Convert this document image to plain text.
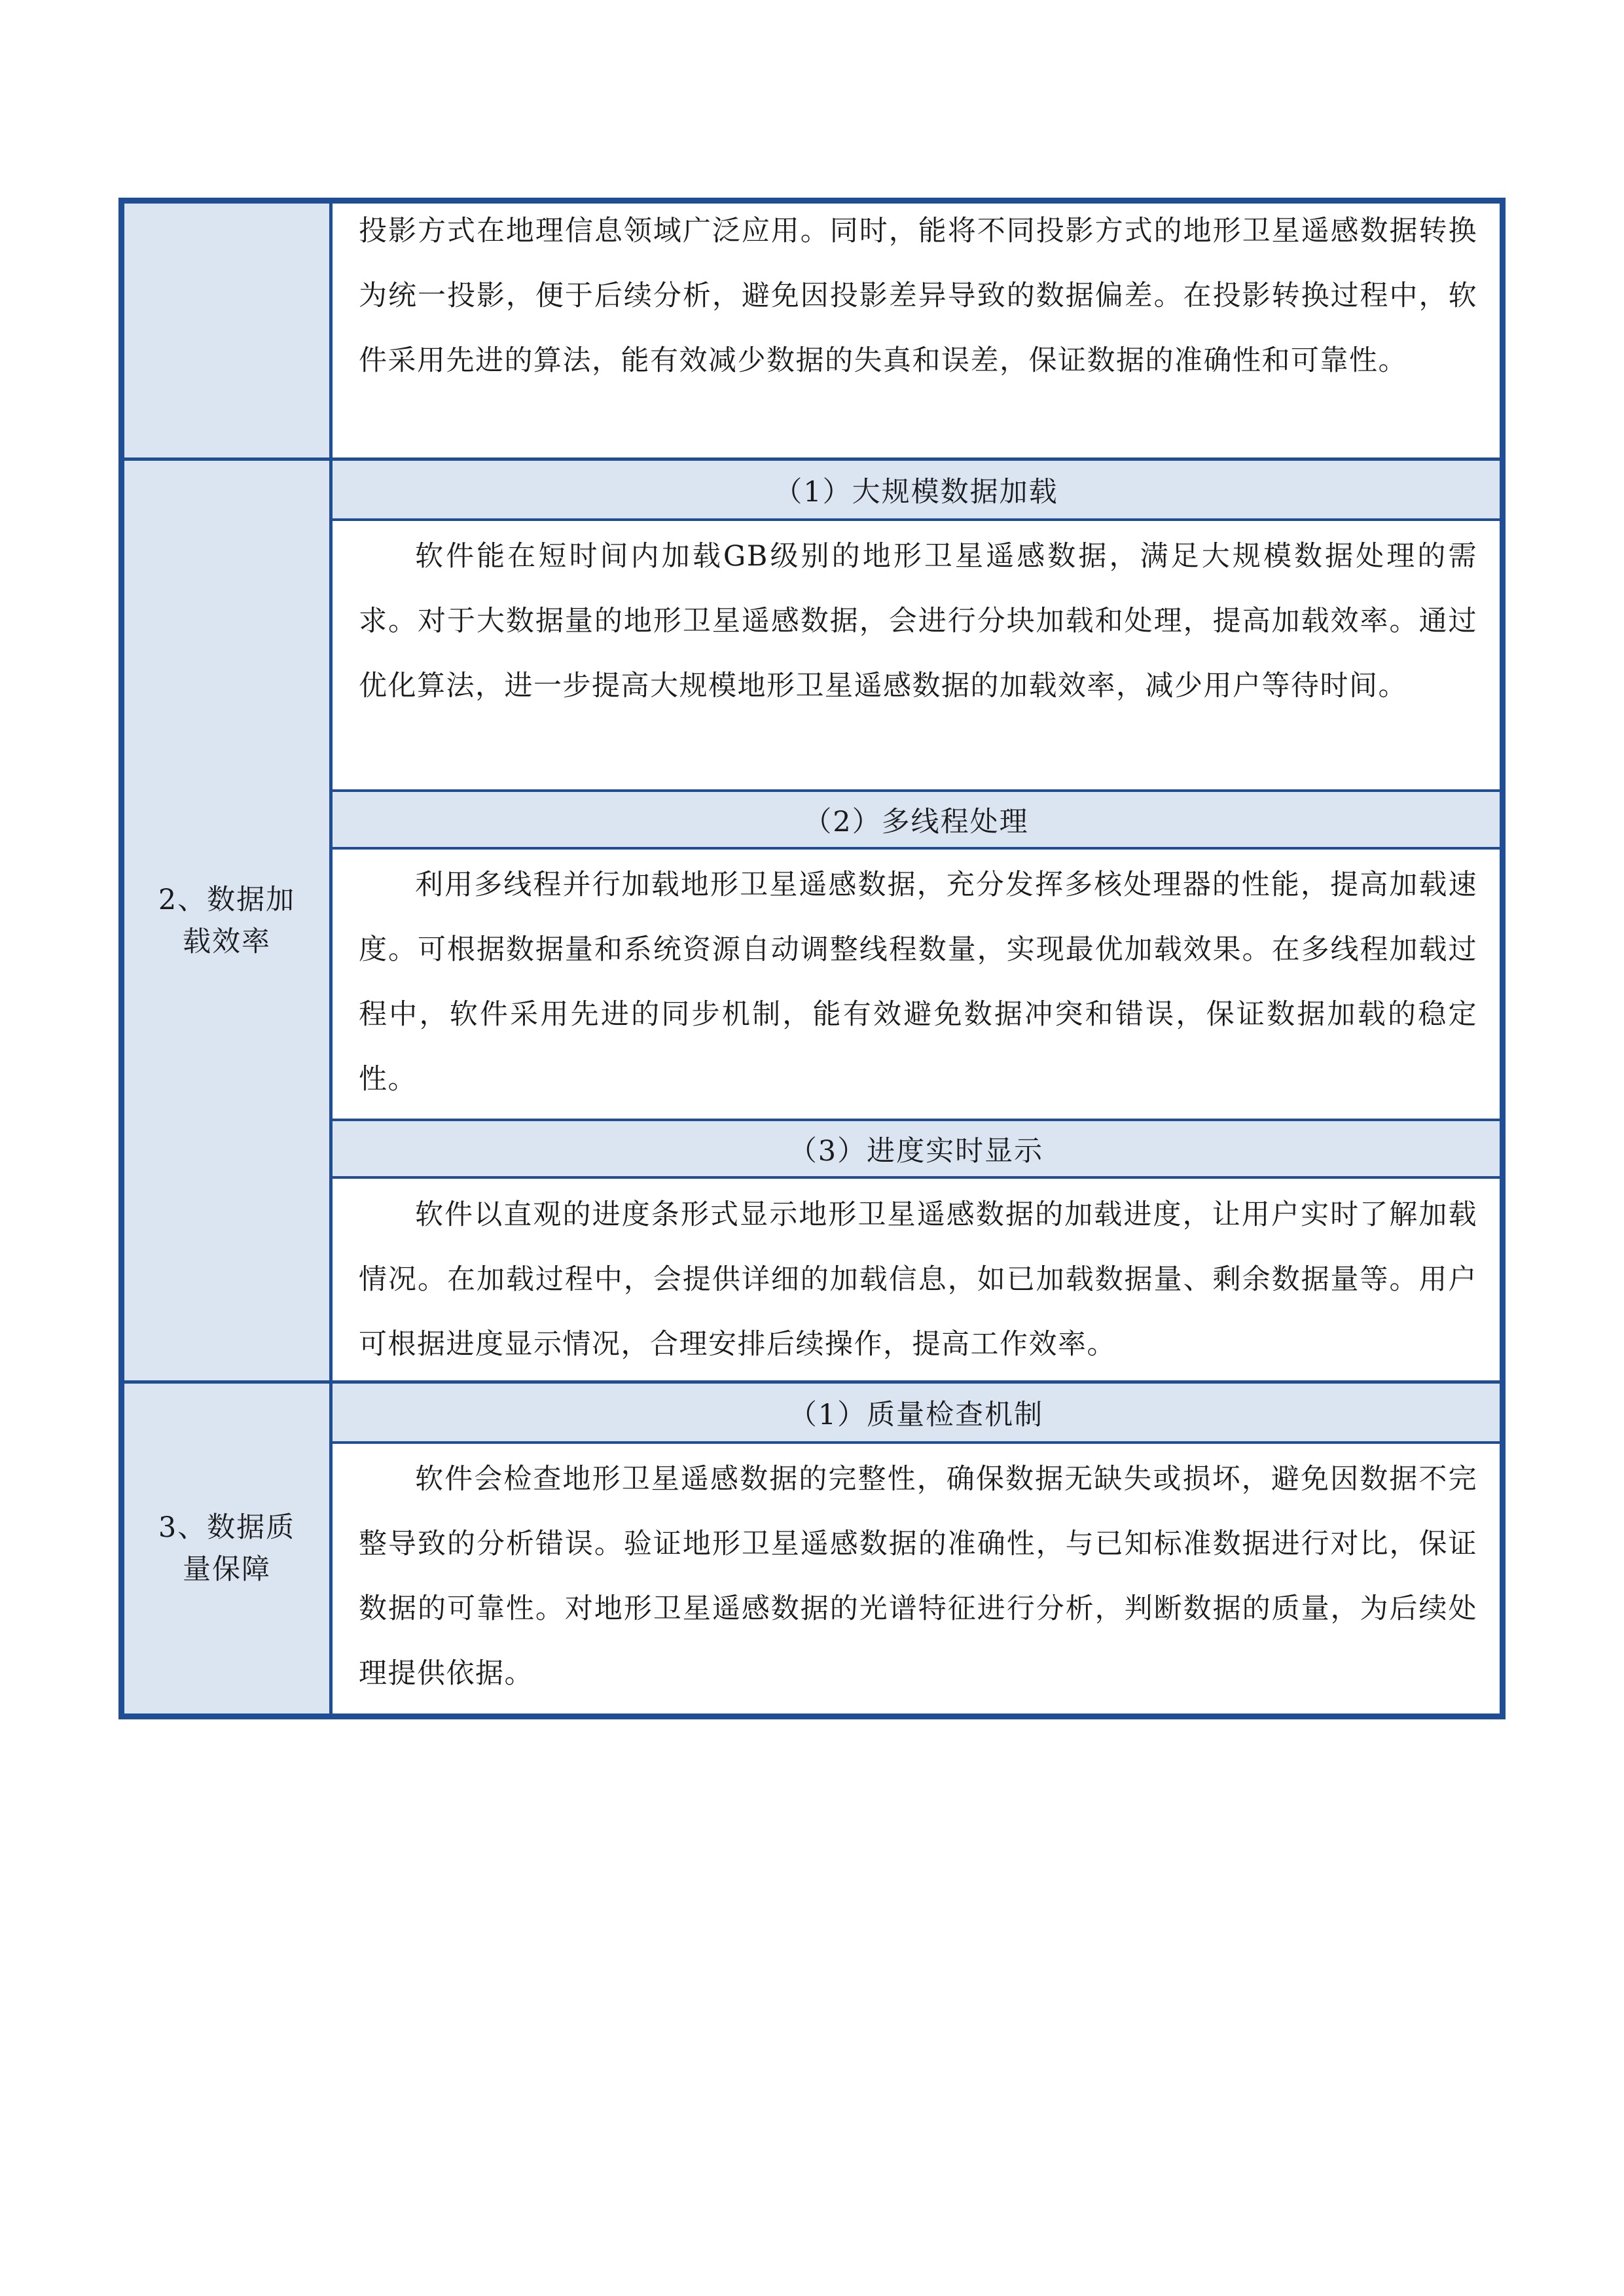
投影方式在地理信息领域广泛应用。同时，能将不同投影方式的地形卫星遥感数据转换为统一投影，便于后续分析，避免因投影差异导致的数据偏差。在投影转换过程中，软件采用先进的算法，能有效减少数据的失真和误差，保证数据的准确性和可靠性。

2、数据加载效率
（1）大规模数据加载

软件能在短时间内加载GB级别的地形卫星遥感数据，满足大规模数据处理的需求。对于大数据量的地形卫星遥感数据，会进行分块加载和处理，提高加载效率。通过优化算法，进一步提高大规模地形卫星遥感数据的加载效率，减少用户等待时间。

（2）多线程处理

利用多线程并行加载地形卫星遥感数据，充分发挥多核处理器的性能，提高加载速度。可根据数据量和系统资源自动调整线程数量，实现最优加载效果。在多线程加载过程中，软件采用先进的同步机制，能有效避免数据冲突和错误，保证数据加载的稳定性。

（3）进度实时显示

软件以直观的进度条形式显示地形卫星遥感数据的加载进度，让用户实时了解加载情况。在加载过程中，会提供详细的加载信息，如已加载数据量、剩余数据量等。用户可根据进度显示情况，合理安排后续操作，提高工作效率。

3、数据质量保障
（1）质量检查机制

软件会检查地形卫星遥感数据的完整性，确保数据无缺失或损坏，避免因数据不完整导致的分析错误。验证地形卫星遥感数据的准确性，与已知标准数据进行对比，保证数据的可靠性。对地形卫星遥感数据的光谱特征进行分析，判断数据的质量，为后续处理提供依据。
